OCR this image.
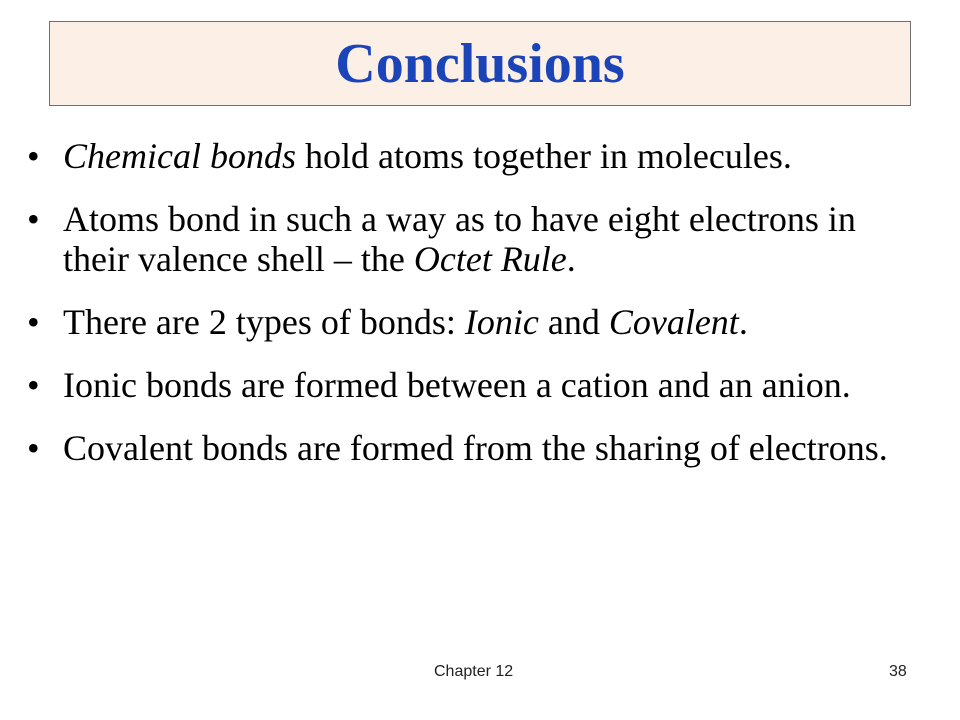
Conclusions
• Chemical bonds hold atoms together in molecules.
• Atoms bond in such a way as to have eight electrons in their valence shell – the Octet Rule.
• There are 2 types of bonds: Ionic and Covalent.
• Ionic bonds are formed between a cation and an anion.
• Covalent bonds are formed from the sharing of electrons.
Chapter 12	38
